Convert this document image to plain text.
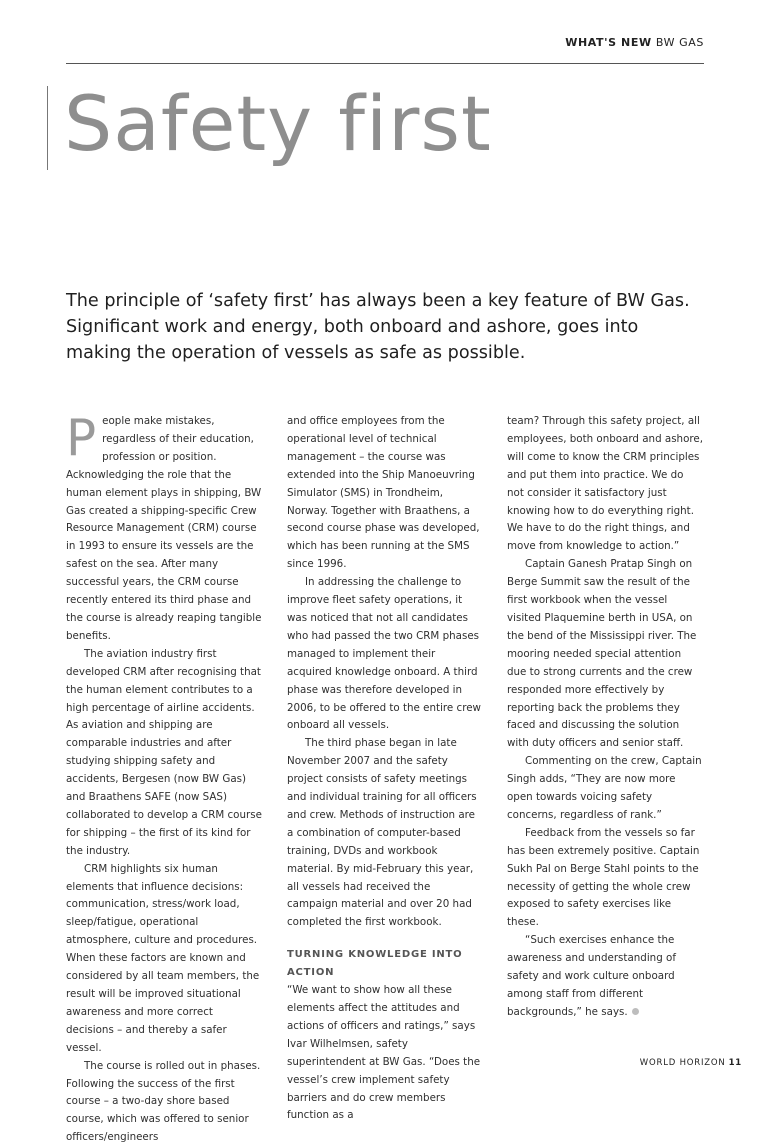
WHAT'S NEW BW GAS
Safety first

The principle of ‘safety first’ has always been a key feature of BW Gas. Significant work and energy, both onboard and ashore, goes into making the operation of vessels as safe as possible.

People make mistakes, regardless of their education, profession or position. Acknowledging the role that the human element plays in shipping, BW Gas created a shipping-specific Crew Resource Management (CRM) course in 1993 to ensure its vessels are the safest on the sea. After many successful years, the CRM course recently entered its third phase and the course is already reaping tangible benefits.

The aviation industry first developed CRM after recognising that the human element contributes to a high percentage of airline accidents. As aviation and shipping are comparable industries and after studying shipping safety and accidents, Bergesen (now BW Gas) and Braathens SAFE (now SAS) collaborated to develop a CRM course for shipping – the first of its kind for the industry.

CRM highlights six human elements that influence decisions: communication, stress/work load, sleep/fatigue, operational atmosphere, culture and procedures. When these factors are known and considered by all team members, the result will be improved situational awareness and more correct decisions – and thereby a safer vessel.

The course is rolled out in phases. Following the success of the first course – a two-day shore based course, which was offered to senior officers/engineers

and office employees from the operational level of technical management – the course was extended into the Ship Manoeuvring Simulator (SMS) in Trondheim, Norway. Together with Braathens, a second course phase was developed, which has been running at the SMS since 1996.

In addressing the challenge to improve fleet safety operations, it was noticed that not all candidates who had passed the two CRM phases managed to implement their acquired knowledge onboard. A third phase was therefore developed in 2006, to be offered to the entire crew onboard all vessels.

The third phase began in late November 2007 and the safety project consists of safety meetings and individual training for all officers and crew. Methods of instruction are a combination of computer-based training, DVDs and workbook material. By mid-February this year, all vessels had received the campaign material and over 20 had completed the first workbook.

TURNING KNOWLEDGE INTO ACTION

“We want to show how all these elements affect the attitudes and actions of officers and ratings,” says Ivar Wilhelmsen, safety superintendent at BW Gas. “Does the vessel’s crew implement safety barriers and do crew members function as a

team? Through this safety project, all employees, both onboard and ashore, will come to know the CRM principles and put them into practice. We do not consider it satisfactory just knowing how to do everything right. We have to do the right things, and move from knowledge to action.”

Captain Ganesh Pratap Singh on Berge Summit saw the result of the first workbook when the vessel visited Plaquemine berth in USA, on the bend of the Mississippi river. The mooring needed special attention due to strong currents and the crew responded more effectively by reporting back the problems they faced and discussing the solution with duty officers and senior staff.

Commenting on the crew, Captain Singh adds, “They are now more open towards voicing safety concerns, regardless of rank.”

Feedback from the vessels so far has been extremely positive. Captain Sukh Pal on Berge Stahl points to the necessity of getting the whole crew exposed to safety exercises like these.

“Such exercises enhance the awareness and understanding of safety and work culture onboard among staff from different backgrounds,” he says.

WORLD HORIZON 11
